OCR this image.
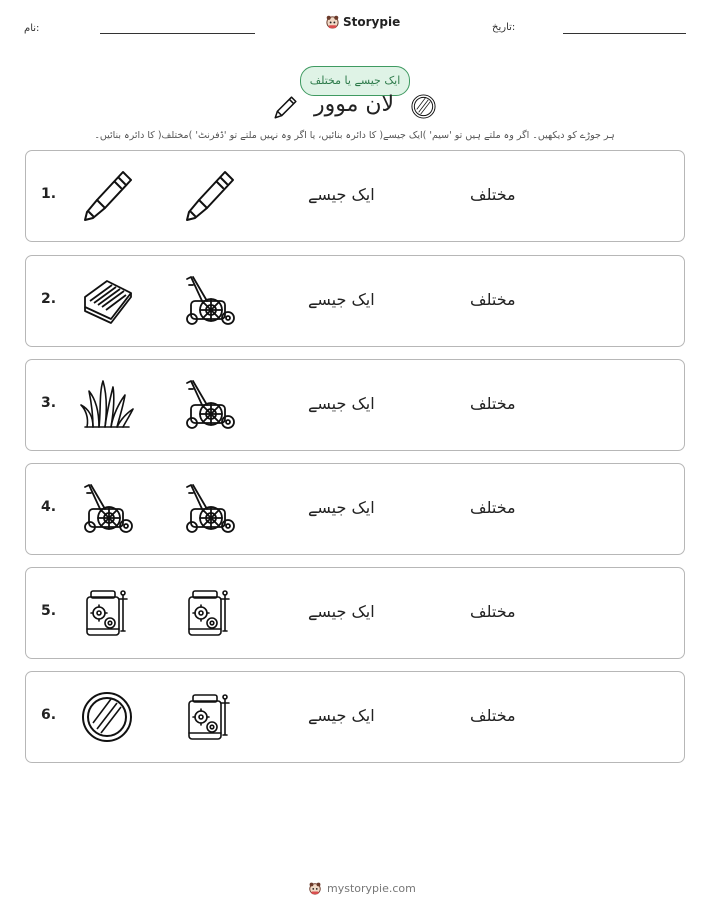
نام:	Storypie	تاریخ:
ایک جیسے یا مختلف
لان موور
ہر جوڑے کو دیکھیں۔ اگر وہ ملتے ہیں تو 'سیم' )ایک جیسے( کا دائرہ بنائیں، یا اگر وہ نہیں ملتے تو 'ڈفرنٹ' )مختلف( کا دائرہ بنائیں۔
1.	ایک جیسے	مختلف
2.	ایک جیسے	مختلف
3.	ایک جیسے	مختلف
4.	ایک جیسے	مختلف
5.	ایک جیسے	مختلف
6.	ایک جیسے	مختلف
mystorypie.com
